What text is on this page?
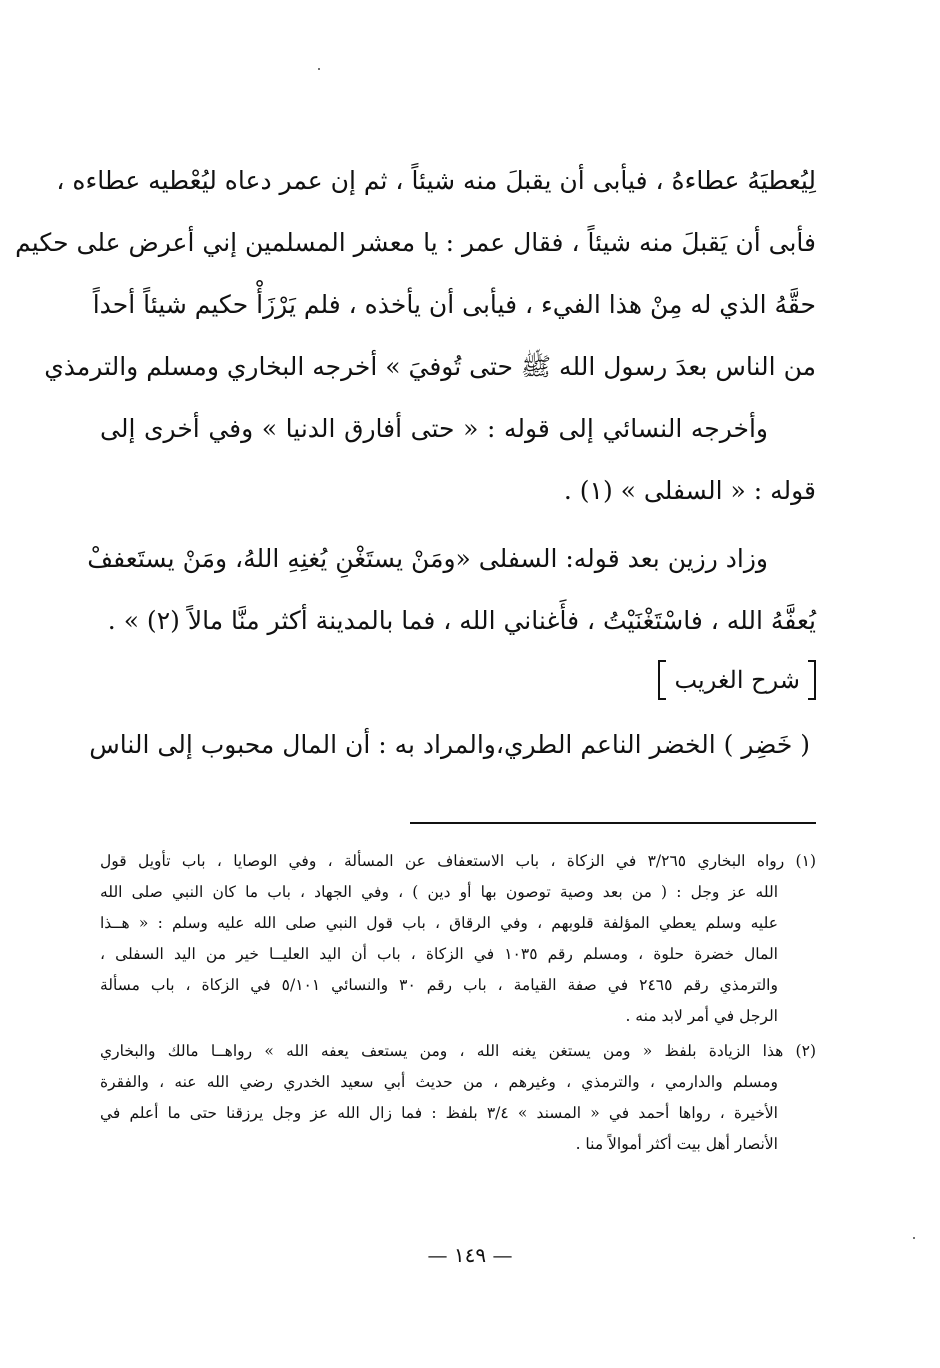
لِيُعطيَهُ عطاءهُ ، فيأبى أن يقبلَ منه شيئاً ، ثم إن عمر دعاه ليُعْطيه عطاءه ،
فأبى أن يَقبلَ منه شيئاً ، فقال عمر : يا معشر المسلمين إني أعرض على حكيم
حقَّهُ الذي له مِنْ هذا الفيء ، فيأبى أن يأخذه ، فلم يَرْزَأْ حكيم شيئاً أحداً
من الناس بعدَ رسول الله ﷺ حتى تُوفيَ » أخرجه البخاري ومسلم والترمذي
وأخرجه النسائي إلى قوله : « حتى أفارق الدنيا » وفي أخرى إلى
قوله : « السفلى » (١) .
وزاد رزين بعد قوله: السفلى «ومَنْ يستَغْنِ يُغنِهِ اللهُ، ومَنْ يستَعففْ
يُعفَّهُ الله ، فاسْتَغْنَيْتُ ، فأَغناني الله ، فما بالمدينة أكثر منَّا مالاً (٢) » .
شرح الغريب
( خَضِر ) الخضر الناعم الطري،والمراد به : أن المال محبوب إلى الناس
(١) رواه البخاري ٣/٢٦٥ في الزكاة ، باب الاستعفاف عن المسألة ، وفي الوصايا ، باب تأويل قول
الله عز وجل : ( من بعد وصية توصون بها أو دين ) ، وفي الجهاد ، باب ما كان النبي صلى الله
عليه وسلم يعطي المؤلفة قلوبهم ، وفي الرقاق ، باب قول النبي صلى الله عليه وسلم : « هــذا
المال خضرة حلوة ، ومسلم رقم ١٠٣٥ في الزكاة ، باب أن اليد العليــا خير من اليد السفلى ،
والترمذي رقم ٢٤٦٥ في صفة القيامة ، باب رقم ٣٠ والنسائي ٥/١٠١ في الزكاة ، باب مسألة
الرجل في أمر لابد منه .
(٢) هذا الزيادة بلفظ « ومن يستغن يغنه الله ، ومن يستعف يعفه الله » رواهــا مالك والبخاري
ومسلم والدارمي ، والترمذي ، وغيرهم ، من حديث أبي سعيد الخدري رضي الله عنه ، والفقرة
الأخيرة ، رواها أحمد في « المسند » ٣/٤ بلفظ : فما زال الله عز وجل يرزقنا حتى ما أعلم في
الأنصار أهل بيت أكثر أموالاً منا .
— ١٤٩ —
